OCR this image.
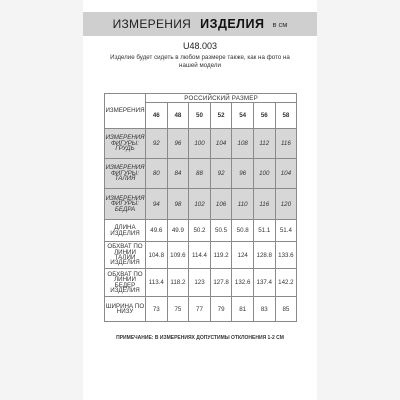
ИЗМЕРЕНИЯ ИЗДЕЛИЯ в см
U48.003
Изделие будет сидеть в любом размере также, как на фото на
нашей модели
ИЗМЕРЕНИЯ	РОССИЙСКИЙ РАЗМЕР						
	46	48	50	52	54	56	58

ИЗМЕРЕНИЯ
ФИГУРЫ: ГРУДЬ	92	96	100	104	108	112	116

ИЗМЕРЕНИЯ
ФИГУРЫ: ТАЛИЯ	80	84	88	92	96	100	104

ИЗМЕРЕНИЯ
ФИГУРЫ: БЕДРА	94	98	102	106	110	116	120

ДЛИНА ИЗДЕЛИЯ	49.6	49.9	50.2	50.5	50.8	51.1	51.4

ОБХВАТ ПО
ЛИНИИ ТАЛИИ
ИЗДЕЛИЯ	104.8	109.6	114.4	119.2	124	128.8	133.6

ОБХВАТ ПО
ЛИНИИ БЕДЕР
ИЗДЕЛИЯ	113.4	118.2	123	127.8	132.6	137.4	142.2

ШИРИНА ПО
НИЗУ	73	75	77	79	81	83	85
ПРИМЕЧАНИЕ: В ИЗМЕРЕНИЯХ ДОПУСТИМЫ ОТКЛОНЕНИЯ 1-2 СМ
